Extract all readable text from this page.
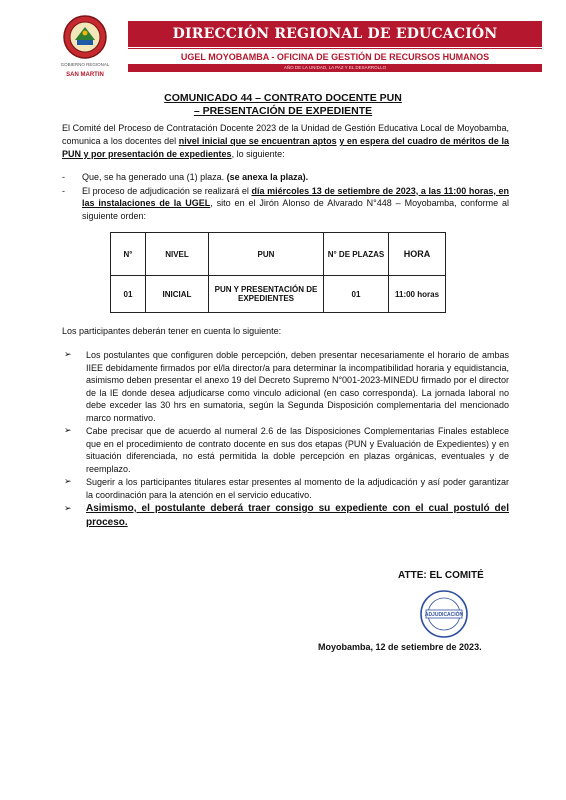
GOBIERNO REGIONAL
SAN MARTIN
DIRECCIÓN REGIONAL DE EDUCACIÓN
UGEL MOYOBAMBA - OFICINA DE GESTIÓN DE RECURSOS HUMANOS
AÑO DE LA UNIDAD, LA PAZ Y EL DESARROLLO
COMUNICADO 44 – CONTRATO DOCENTE PUN
– PRESENTACIÓN DE EXPEDIENTE
El Comité del Proceso de Contratación Docente 2023 de la Unidad de Gestión Educativa Local de Moyobamba, comunica a los docentes del nivel inicial que se encuentran aptos y en espera del cuadro de méritos de la PUN y por presentación de expedientes, lo siguiente:
- Que, se ha generado una (1) plaza. (se anexa la plaza).
- El proceso de adjudicación se realizará el día miércoles 13 de setiembre de 2023, a las 11:00 horas, en las instalaciones de la UGEL, sito en el Jirón Alonso de Alvarado N°448 – Moyobamba, conforme al siguiente orden:
N°	NIVEL	PUN	N° DE PLAZAS	HORA
01	INICIAL	PUN Y PRESENTACIÓN DE EXPEDIENTES	01	11:00 horas
Los participantes deberán tener en cuenta lo siguiente:
➢ Los postulantes que configuren doble percepción, deben presentar necesariamente el horario de ambas IIEE debidamente firmados por el/la director/a para determinar la incompatibilidad horaria y equidistancia, asimismo deben presentar el anexo 19 del Decreto Supremo N°001-2023-MINEDU firmado por el director de la IE donde desea adjudicarse como vinculo adicional (en caso corresponda). La jornada laboral no debe exceder las 30 hrs en sumatoria, según la Segunda Disposición complementaria del mencionado marco normativo.
➢ Cabe precisar que de acuerdo al numeral 2.6 de las Disposiciones Complementarias Finales establece que en el procedimiento de contrato docente en sus dos etapas (PUN y Evaluación de Expedientes) y en situación diferenciada, no está permitida la doble percepción en plazas orgánicas, eventuales y de reemplazo.
➢ Sugerir a los participantes titulares estar presentes al momento de la adjudicación y así poder garantizar la coordinación para la atención en el servicio educativo.
➢ Asimismo, el postulante deberá traer consigo su expediente con el cual postuló del proceso.
ATTE: EL COMITÉ
ADJUDICACIÓN
Moyobamba, 12 de setiembre de 2023.
